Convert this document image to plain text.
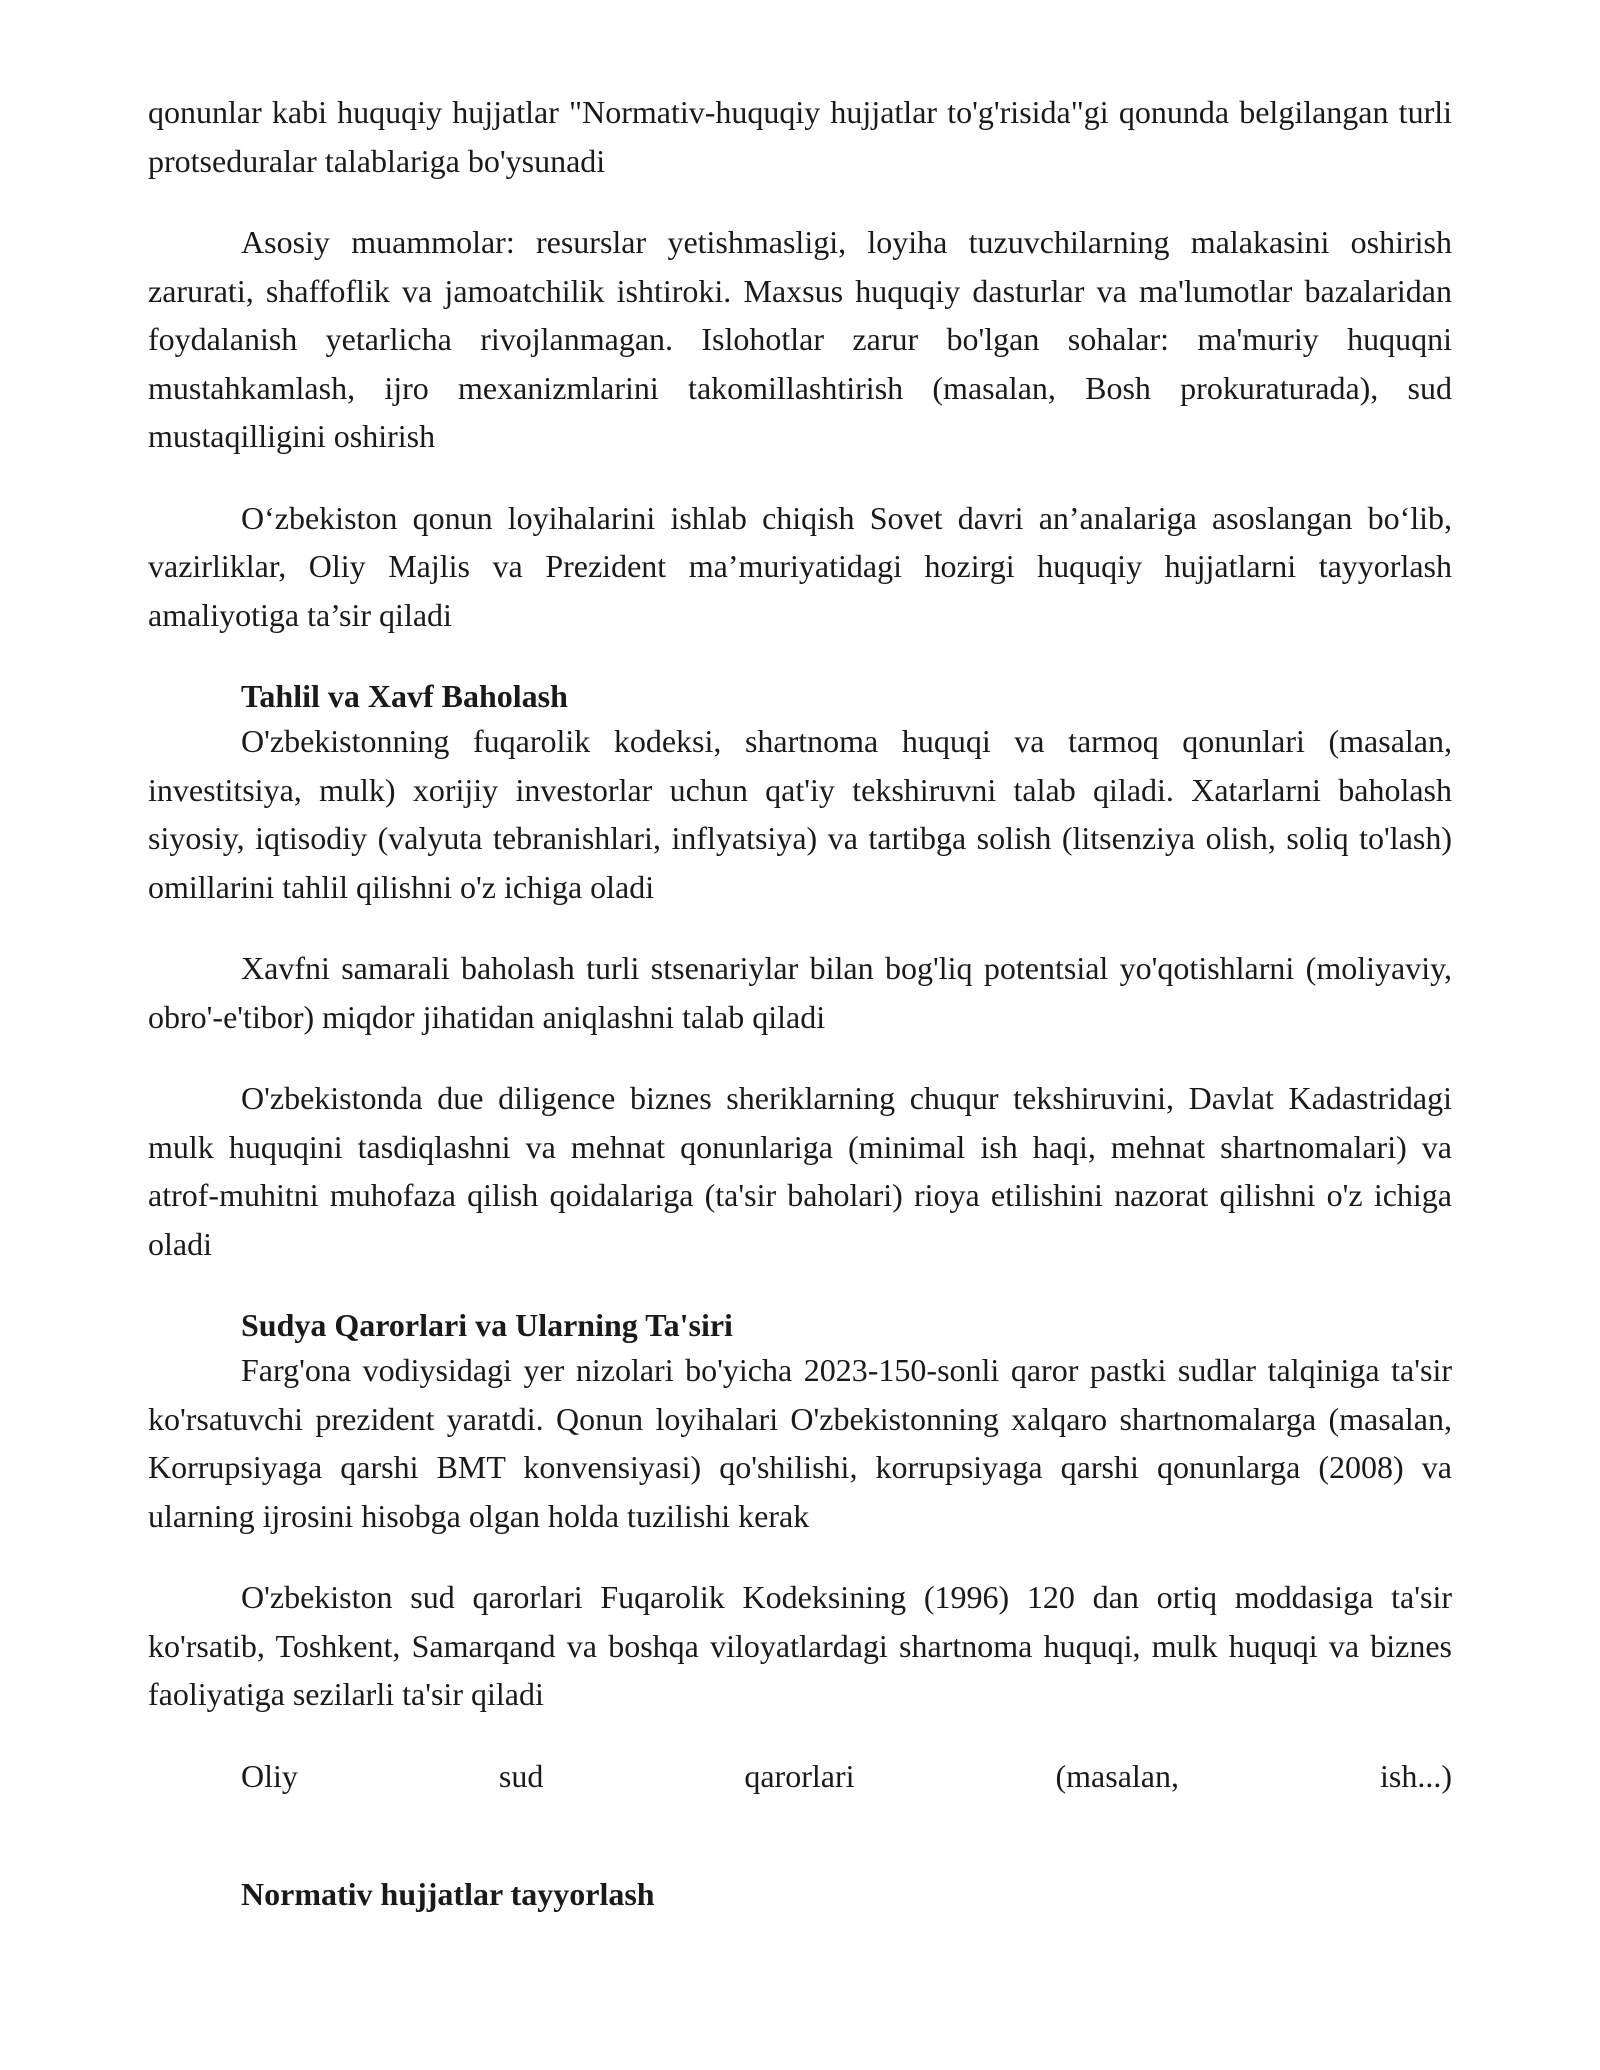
qonunlar kabi huquqiy hujjatlar "Normativ-huquqiy hujjatlar to'g'risida"gi qonunda belgilangan turli protseduralar talablariga bo'ysunadi

Asosiy muammolar: resurslar yetishmasligi, loyiha tuzuvchilarning malakasini oshirish zarurati, shaffoflik va jamoatchilik ishtiroki. Maxsus huquqiy dasturlar va ma'lumotlar bazalaridan foydalanish yetarlicha rivojlanmagan. Islohotlar zarur bo'lgan sohalar: ma'muriy huquqni mustahkamlash, ijro mexanizmlarini takomillashtirish (masalan, Bosh prokuraturada), sud mustaqilligini oshirish

O‘zbekiston qonun loyihalarini ishlab chiqish Sovet davri an’analariga asoslangan bo‘lib, vazirliklar, Oliy Majlis va Prezident ma’muriyatidagi hozirgi huquqiy hujjatlarni tayyorlash amaliyotiga ta’sir qiladi

Tahlil va Xavf Baholash

O'zbekistonning fuqarolik kodeksi, shartnoma huquqi va tarmoq qonunlari (masalan, investitsiya, mulk) xorijiy investorlar uchun qat'iy tekshiruvni talab qiladi. Xatarlarni baholash siyosiy, iqtisodiy (valyuta tebranishlari, inflyatsiya) va tartibga solish (litsenziya olish, soliq to'lash) omillarini tahlil qilishni o'z ichiga oladi

Xavfni samarali baholash turli stsenariylar bilan bog'liq potentsial yo'qotishlarni (moliyaviy, obro'-e'tibor) miqdor jihatidan aniqlashni talab qiladi

O'zbekistonda due diligence biznes sheriklarning chuqur tekshiruvini, Davlat Kadastridagi mulk huquqini tasdiqlashni va mehnat qonunlariga (minimal ish haqi, mehnat shartnomalari) va atrof-muhitni muhofaza qilish qoidalariga (ta'sir baholari) rioya etilishini nazorat qilishni o'z ichiga oladi

Sudya Qarorlari va Ularning Ta'siri

Farg'ona vodiysidagi yer nizolari bo'yicha 2023-150-sonli qaror pastki sudlar talqiniga ta'sir ko'rsatuvchi prezident yaratdi. Qonun loyihalari O'zbekistonning xalqaro shartnomalarga (masalan, Korrupsiyaga qarshi BMT konvensiyasi) qo'shilishi, korrupsiyaga qarshi qonunlarga (2008) va ularning ijrosini hisobga olgan holda tuzilishi kerak

O'zbekiston sud qarorlari Fuqarolik Kodeksining (1996) 120 dan ortiq moddasiga ta'sir ko'rsatib, Toshkent, Samarqand va boshqa viloyatlardagi shartnoma huquqi, mulk huquqi va biznes faoliyatiga sezilarli ta'sir qiladi

Oliy	sud	qarorlari	(masalan,	ish...)
Normativ hujjatlar tayyorlash
